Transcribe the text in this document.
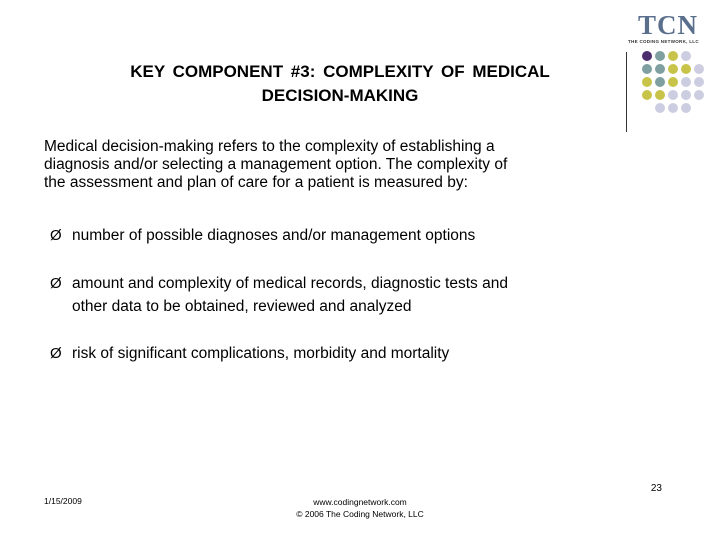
TCN
THE CODING NETWORK, LLC
KEY COMPONENT #3: COMPLEXITY OF MEDICAL
DECISION-MAKING
Medical decision-making refers to the complexity of establishing a
diagnosis and/or selecting a management option. The complexity of
the assessment and plan of care for a patient is measured by:
Ø number of possible diagnoses and/or management options
Ø amount and complexity of medical records, diagnostic tests and
other data to be obtained, reviewed and analyzed
Ø risk of significant complications, morbidity and mortality
1/15/2009	www.codingnetwork.com
© 2006 The Coding Network, LLC
23
